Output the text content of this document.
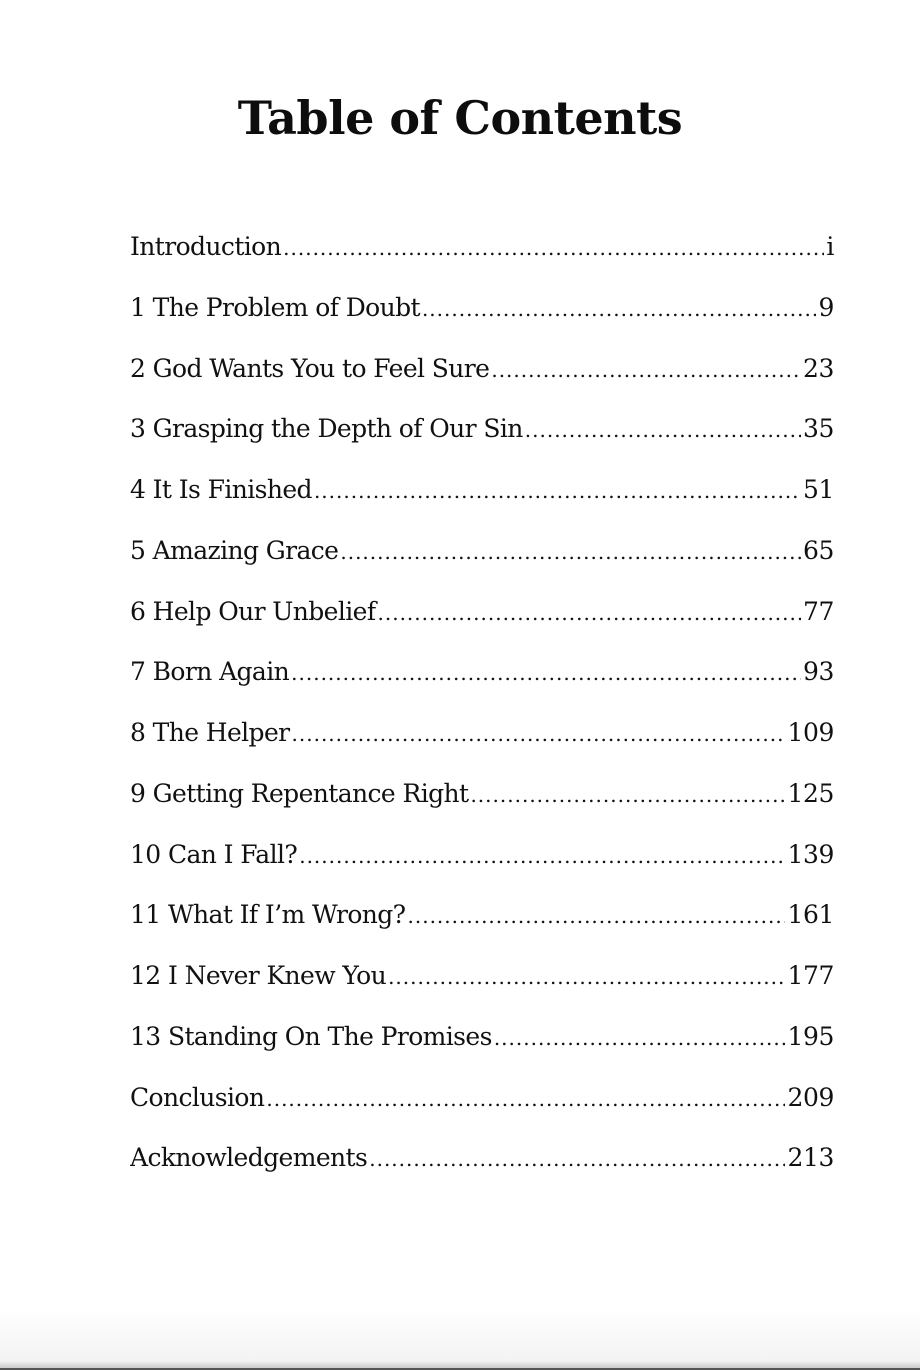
Table of Contents
Introduction .....	i
1 The Problem of Doubt .....	9
2 God Wants You to Feel Sure .....	23
3 Grasping the Depth of Our Sin .....	35
4 It Is Finished .....	51
5 Amazing Grace .....	65
6 Help Our Unbelief .....	77
7 Born Again .....	93
8 The Helper .....	109
9 Getting Repentance Right .....	125
10 Can I Fall? .....	139
11 What If I’m Wrong? .....	161
12 I Never Knew You .....	177
13 Standing On The Promises .....	195
Conclusion .....	209
Acknowledgements .....	213
